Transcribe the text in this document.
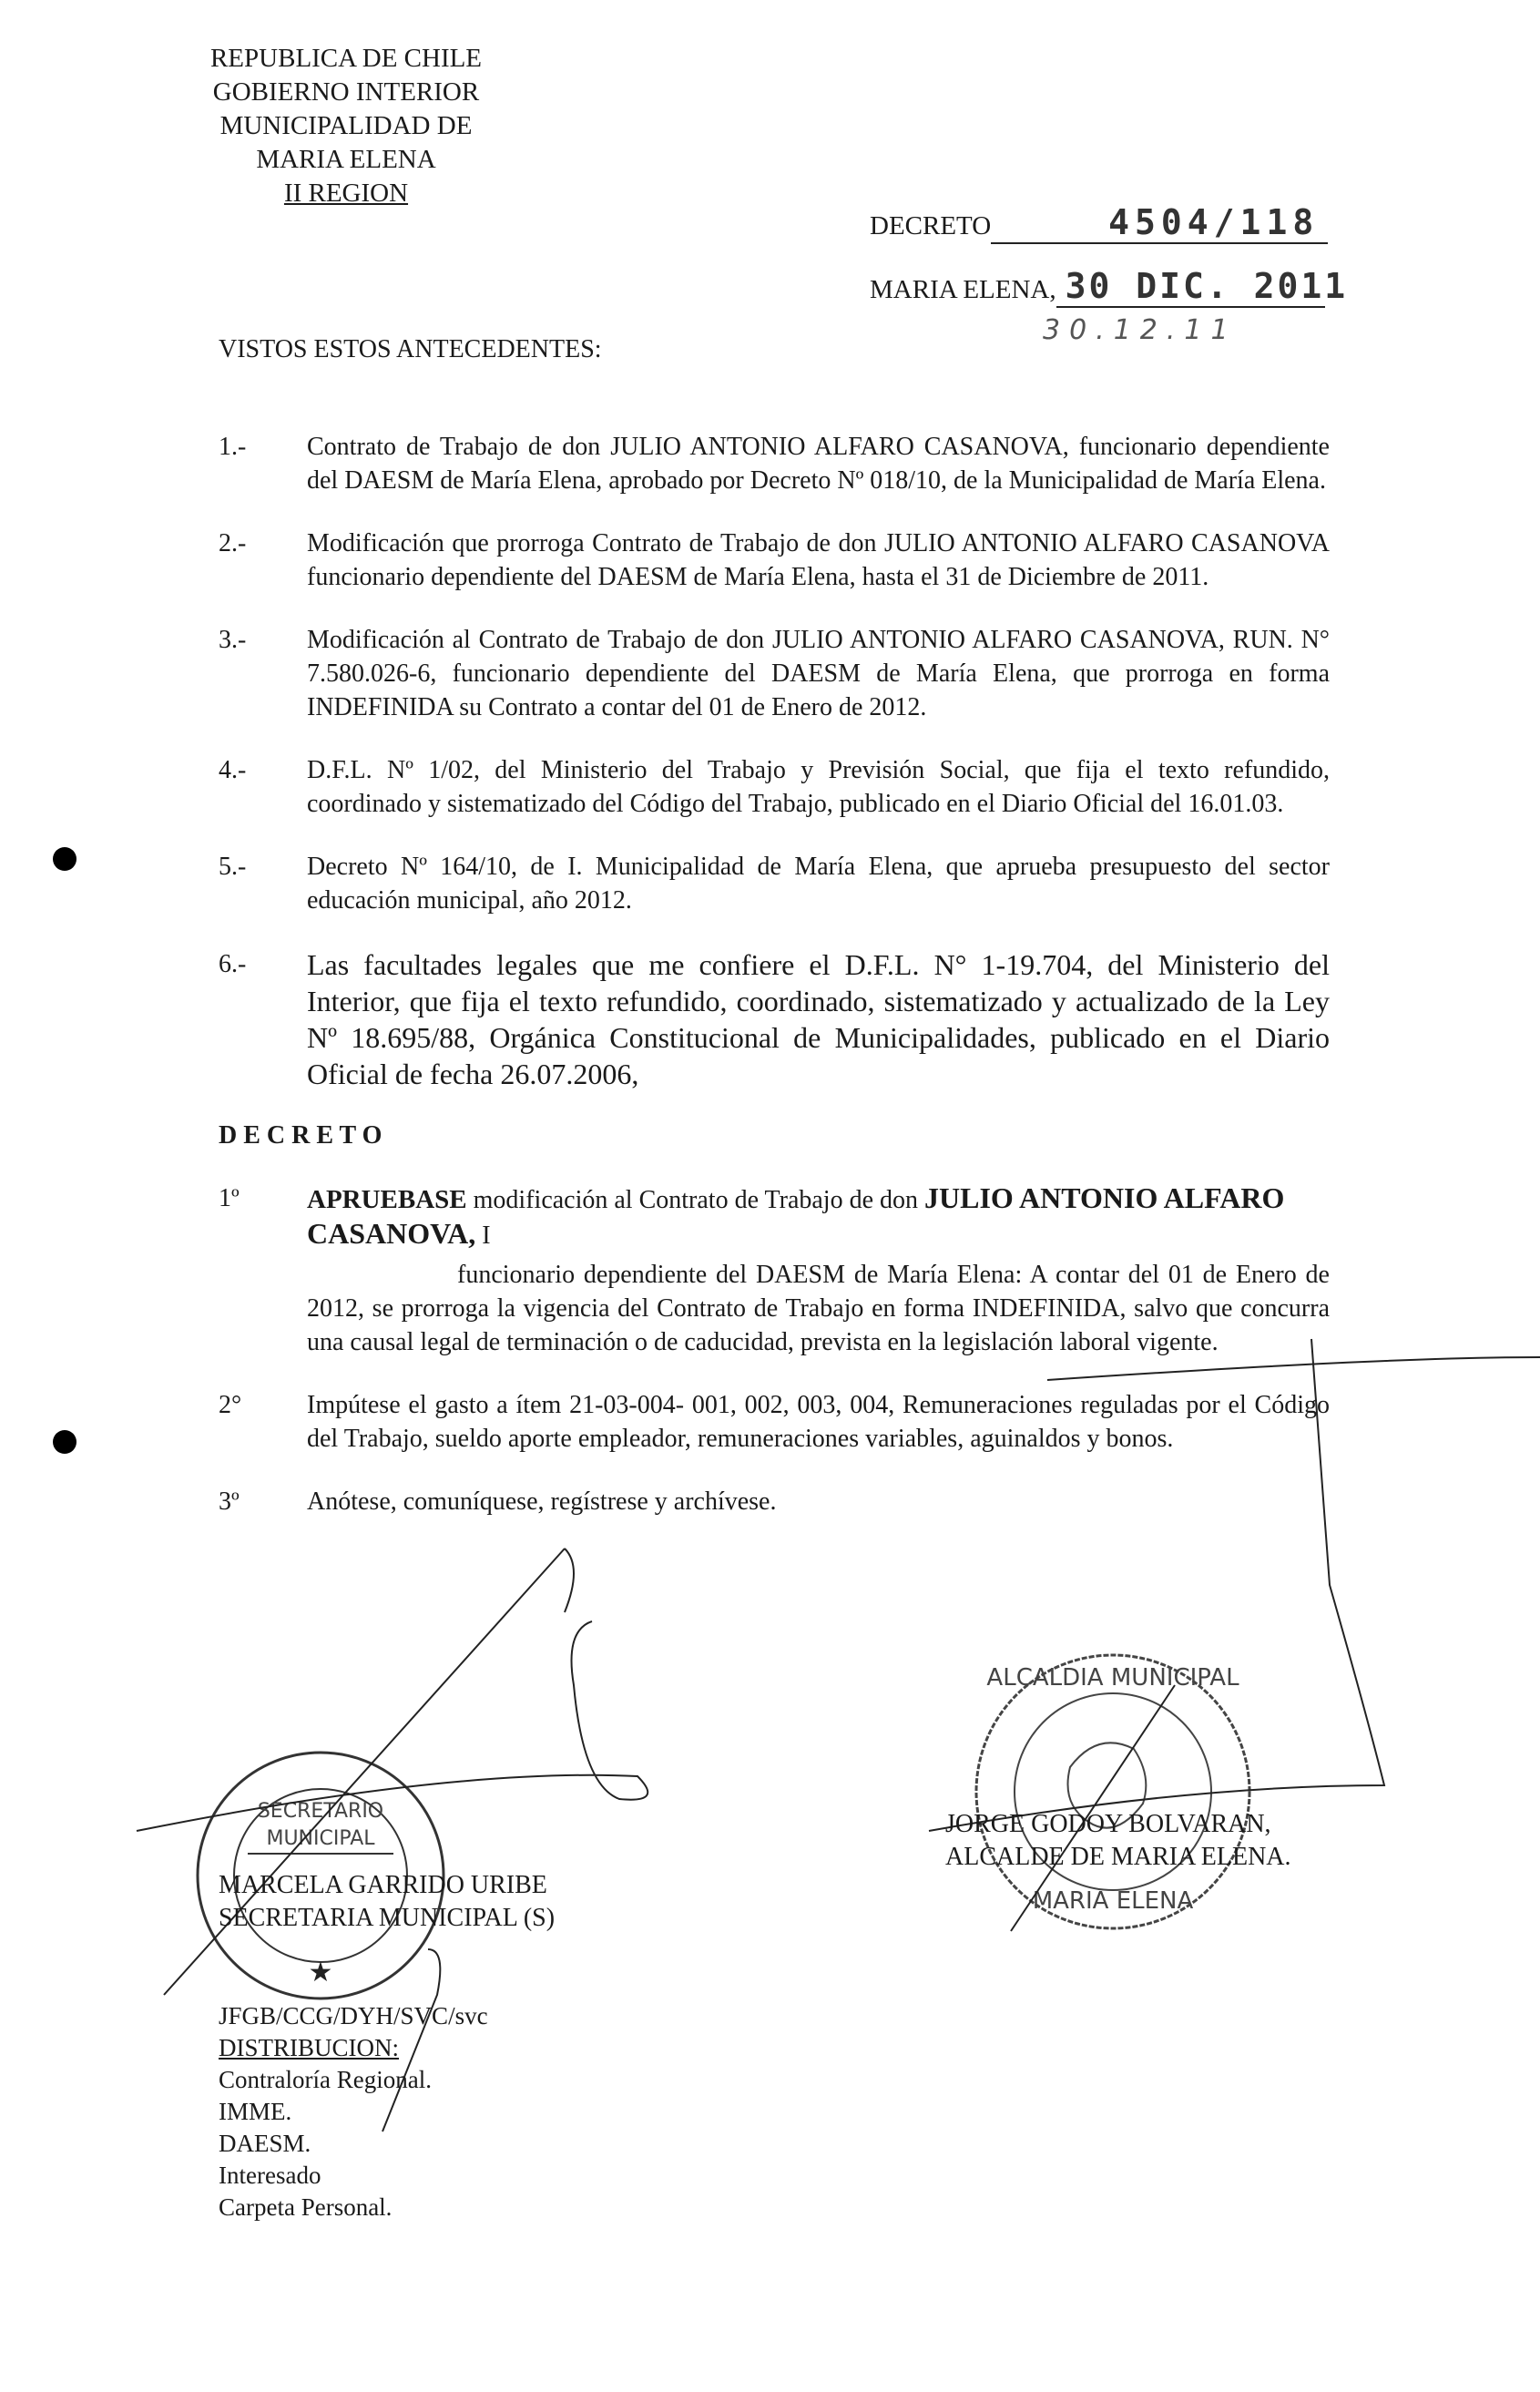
REPUBLICA DE CHILE
GOBIERNO INTERIOR
MUNICIPALIDAD DE
MARIA ELENA
II REGION
DECRETO	4504/118
MARIA ELENA, 30 DIC. 2011
30.12.11
VISTOS ESTOS ANTECEDENTES:
1.- Contrato de Trabajo de don JULIO ANTONIO ALFARO CASANOVA, funcionario dependiente del DAESM de María Elena, aprobado por Decreto Nº 018/10, de la Municipalidad de María Elena.
2.- Modificación que prorroga Contrato de Trabajo de don JULIO ANTONIO ALFARO CASANOVA funcionario dependiente del DAESM de María Elena, hasta el 31 de Diciembre de 2011.
3.- Modificación al Contrato de Trabajo de don JULIO ANTONIO ALFARO CASANOVA, RUN. N° 7.580.026-6, funcionario dependiente del DAESM de María Elena, que prorroga en forma INDEFINIDA su Contrato a contar del 01 de Enero de 2012.
4.- D.F.L. Nº 1/02, del Ministerio del Trabajo y Previsión Social, que fija el texto refundido, coordinado y sistematizado del Código del Trabajo, publicado en el Diario Oficial del 16.01.03.
5.- Decreto Nº 164/10, de I. Municipalidad de María Elena, que aprueba presupuesto del sector educación municipal, año 2012.
6.- Las facultades legales que me confiere el D.F.L. N° 1-19.704, del Ministerio del Interior, que fija el texto refundido, coordinado, sistematizado y actualizado de la Ley Nº 18.695/88, Orgánica Constitucional de Municipalidades, publicado en el Diario Oficial de fecha 26.07.2006,
D E C R E T O
1º	APRUEBASE modificación al Contrato de Trabajo de don JULIO ANTONIO ALFARO CASANOVA, I
funcionario dependiente del DAESM de María Elena: A contar del 01 de Enero de 2012, se prorroga la vigencia del Contrato de Trabajo en forma INDEFINIDA, salvo que concurra una causal legal de terminación o de caducidad, prevista en la legislación laboral vigente.
2°	Impútese el gasto a ítem 21-03-004- 001, 002, 003, 004, Remuneraciones reguladas por el Código del Trabajo, sueldo aporte empleador, remuneraciones variables, aguinaldos y bonos.
3º	Anótese, comuníquese, regístrese y archívese.
SECRETARIO
MUNICIPAL
★
ALCALDIA MUNICIPAL
MARIA ELENA
MARCELA GARRIDO URIBE
SECRETARIA MUNICIPAL (S)
JORGE GODOY BOLVARAN,
ALCALDE DE MARIA ELENA.
JFGB/CCG/DYH/SVC/svc
DISTRIBUCION:
Contraloría Regional.
IMME.
DAESM.
Interesado
Carpeta Personal.
